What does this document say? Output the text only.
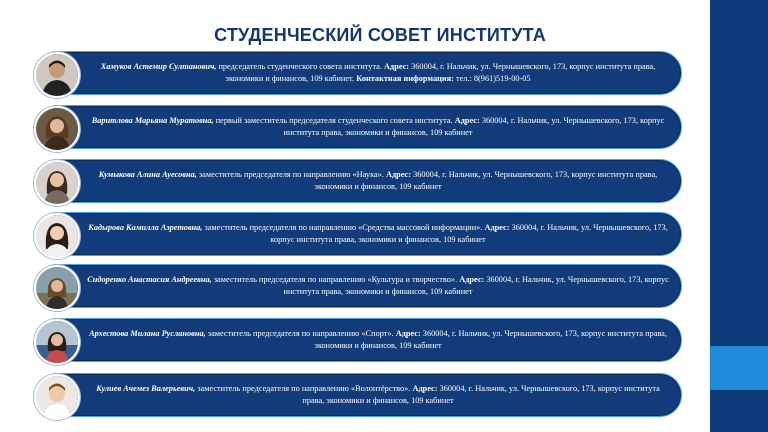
СТУДЕНЧЕСКИЙ СОВЕТ ИНСТИТУТА

Хамуков Астемир Султанович, председатель студенческого совета института. Адрес: 360004, г. Нальчик, ул. Чернышевского, 173, корпус института права, экономики и финансов, 109 кабинет. Контактная информация: тел.: 8(961)519-00-05

Варитлова Марьяна Муратовна, первый заместитель председателя студенческого совета института. Адрес: 360004, г. Нальчик, ул. Чернышевского, 173, корпус института права, экономики и финансов, 109 кабинет

Кумыкова Алина Ауесовна, заместитель председателя по направлению «Наука». Адрес: 360004, г. Нальчик, ул. Чернышевского, 173, корпус института права, экономики и финансов, 109 кабинет

Кадырова Камилла Азретовна, заместитель председателя по направлению «Средства массовой информации». Адрес: 360004, г. Нальчик, ул. Чернышевского, 173, корпус института права, экономики и финансов, 109 кабинет

Сидоренко Анастасия Андреевна, заместитель председателя по направлению «Культура и творчество». Адрес: 360004, г. Нальчик, ул. Чернышевского, 173, корпус института права, экономики и финансов, 109 кабинет

Архестова Милана Руслановна, заместитель председателя по направлению «Спорт». Адрес: 360004, г. Нальчик, ул. Чернышевского, 173, корпус института права, экономики и финансов, 109 кабинет

Кулиев Ачемез Валерьевич, заместитель председателя по направлению «Волонтёрство». Адрес: 360004, г. Нальчик, ул. Чернышевского, 173, корпус института права, экономики и финансов, 109 кабинет
